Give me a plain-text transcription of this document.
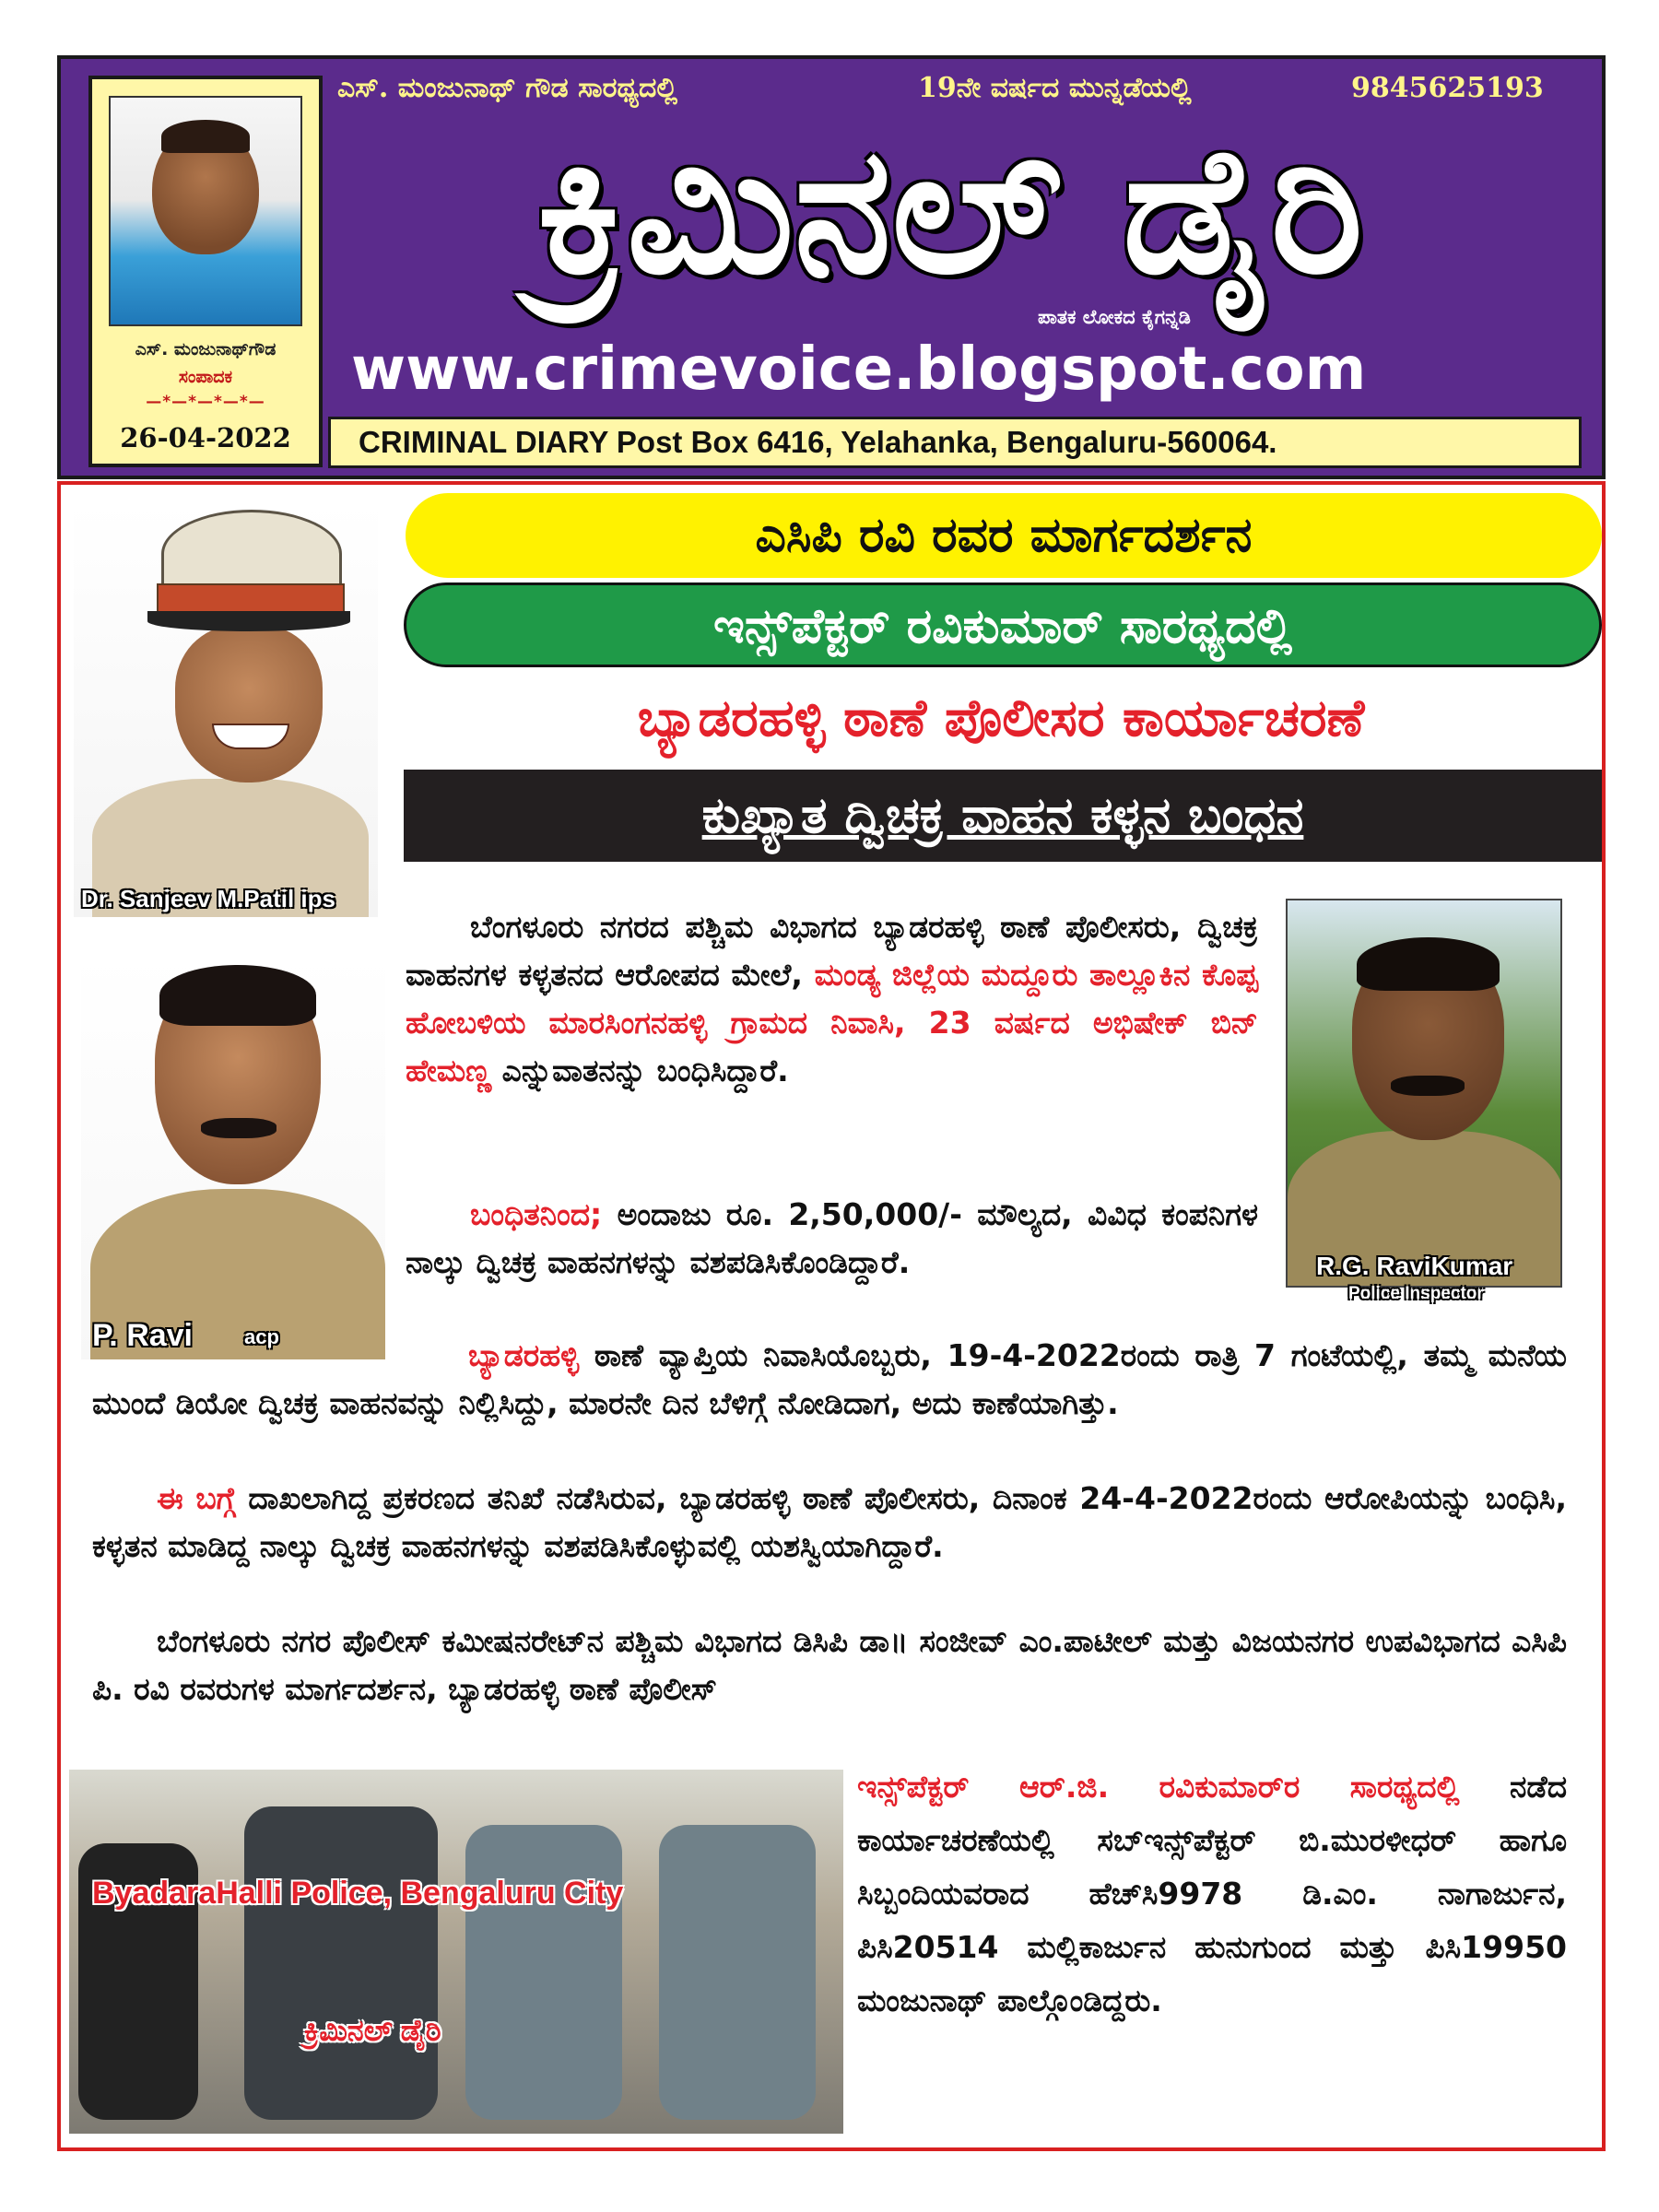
ಎಸ್. ಮಂಜುನಾಥ್‌ಗೌಡ
ಸಂಪಾದಕ
—*—*—*—*—
26-04-2022
ಎಸ್. ಮಂಜುನಾಥ್ ಗೌಡ ಸಾರಥ್ಯದಲ್ಲಿ	19ನೇ ವರ್ಷದ ಮುನ್ನಡೆಯಲ್ಲಿ	9845625193
ಕ್ರಿಮಿನಲ್ ಡೈರಿ
ಪಾತಕ ಲೋಕದ ಕೈಗನ್ನಡಿ
www.crimevoice.blogspot.com
CRIMINAL DIARY Post Box 6416, Yelahanka, Bengaluru-560064.
Dr. Sanjeev M.Patil ips
P. Ravi	acp
R.G. RaviKumar
Police Inspector
ಎಸಿಪಿ ರವಿ ರವರ ಮಾರ್ಗದರ್ಶನ
ಇನ್ಸ್‌ಪೆಕ್ಟರ್ ರವಿಕುಮಾರ್ ಸಾರಥ್ಯದಲ್ಲಿ
ಬ್ಯಾಡರಹಳ್ಳಿ ಠಾಣೆ ಪೊಲೀಸರ ಕಾರ್ಯಾಚರಣೆ
ಕುಖ್ಯಾತ ದ್ವಿಚಕ್ರ ವಾಹನ ಕಳ್ಳನ ಬಂಧನ
ಬೆಂಗಳೂರು ನಗರದ ಪಶ್ಚಿಮ ವಿಭಾಗದ ಬ್ಯಾಡರಹಳ್ಳಿ ಠಾಣೆ ಪೊಲೀಸರು, ದ್ವಿಚಕ್ರ ವಾಹನಗಳ ಕಳ್ಳತನದ ಆರೋಪದ ಮೇಲೆ, ಮಂಡ್ಯ ಜಿಲ್ಲೆಯ ಮದ್ದೂರು ತಾಲ್ಲೂಕಿನ ಕೊಪ್ಪ ಹೋಬಳಿಯ ಮಾರಸಿಂಗನಹಳ್ಳಿ ಗ್ರಾಮದ ನಿವಾಸಿ, 23 ವರ್ಷದ ಅಭಿಷೇಕ್ ಬಿನ್ ಹೇಮಣ್ಣ ಎನ್ನುವಾತನನ್ನು ಬಂಧಿಸಿದ್ದಾರೆ.
ಬಂಧಿತನಿಂದ; ಅಂದಾಜು ರೂ. 2,50,000/- ಮೌಲ್ಯದ, ವಿವಿಧ ಕಂಪನಿಗಳ ನಾಲ್ಕು ದ್ವಿಚಕ್ರ ವಾಹನಗಳನ್ನು ವಶಪಡಿಸಿಕೊಂಡಿದ್ದಾರೆ.
ಬ್ಯಾಡರಹಳ್ಳಿ ಠಾಣೆ ವ್ಯಾಪ್ತಿಯ ನಿವಾಸಿಯೊಬ್ಬರು, 19-4-2022ರಂದು ರಾತ್ರಿ 7 ಗಂಟೆಯಲ್ಲಿ, ತಮ್ಮ ಮನೆಯ ಮುಂದೆ ಡಿಯೋ ದ್ವಿಚಕ್ರ ವಾಹನವನ್ನು ನಿಲ್ಲಿಸಿದ್ದು, ಮಾರನೇ ದಿನ ಬೆಳಿಗ್ಗೆ ನೋಡಿದಾಗ, ಅದು ಕಾಣೆಯಾಗಿತ್ತು.
ಈ ಬಗ್ಗೆ ದಾಖಲಾಗಿದ್ದ ಪ್ರಕರಣದ ತನಿಖೆ ನಡೆಸಿರುವ, ಬ್ಯಾಡರಹಳ್ಳಿ ಠಾಣೆ ಪೊಲೀಸರು, ದಿನಾಂಕ 24-4-2022ರಂದು ಆರೋಪಿಯನ್ನು ಬಂಧಿಸಿ, ಕಳ್ಳತನ ಮಾಡಿದ್ದ ನಾಲ್ಕು ದ್ವಿಚಕ್ರ ವಾಹನಗಳನ್ನು ವಶಪಡಿಸಿಕೊಳ್ಳುವಲ್ಲಿ ಯಶಸ್ವಿಯಾಗಿದ್ದಾರೆ.
ಬೆಂಗಳೂರು ನಗರ ಪೊಲೀಸ್ ಕಮೀಷನರೇಟ್‌ನ ಪಶ್ಚಿಮ ವಿಭಾಗದ ಡಿಸಿಪಿ ಡಾ॥ ಸಂಜೀವ್ ಎಂ.ಪಾಟೀಲ್ ಮತ್ತು ವಿಜಯನಗರ ಉಪವಿಭಾಗದ ಎಸಿಪಿ ಪಿ. ರವಿ ರವರುಗಳ ಮಾರ್ಗದರ್ಶನ, ಬ್ಯಾಡರಹಳ್ಳಿ ಠಾಣೆ ಪೊಲೀಸ್
ಇನ್ಸ್‌ಪೆಕ್ಟರ್ ಆರ್.ಜಿ. ರವಿಕುಮಾರ್‌ರ ಸಾರಥ್ಯದಲ್ಲಿ ನಡೆದ ಕಾರ್ಯಾಚರಣೆಯಲ್ಲಿ ಸಬ್‌ಇನ್ಸ್‌ಪೆಕ್ಟರ್ ಬಿ.ಮುರಳೀಧರ್ ಹಾಗೂ ಸಿಬ್ಬಂದಿಯವರಾದ ಹೆಚ್‌ಸಿ9978 ಡಿ.ಎಂ. ನಾಗಾರ್ಜುನ, ಪಿಸಿ20514 ಮಲ್ಲಿಕಾರ್ಜುನ ಹುನುಗುಂದ ಮತ್ತು ಪಿಸಿ19950 ಮಂಜುನಾಥ್ ಪಾಲ್ಗೊಂಡಿದ್ದರು.
ByadaraHalli Police, Bengaluru City
ಕ್ರಿಮಿನಲ್ ಡೈರಿ
